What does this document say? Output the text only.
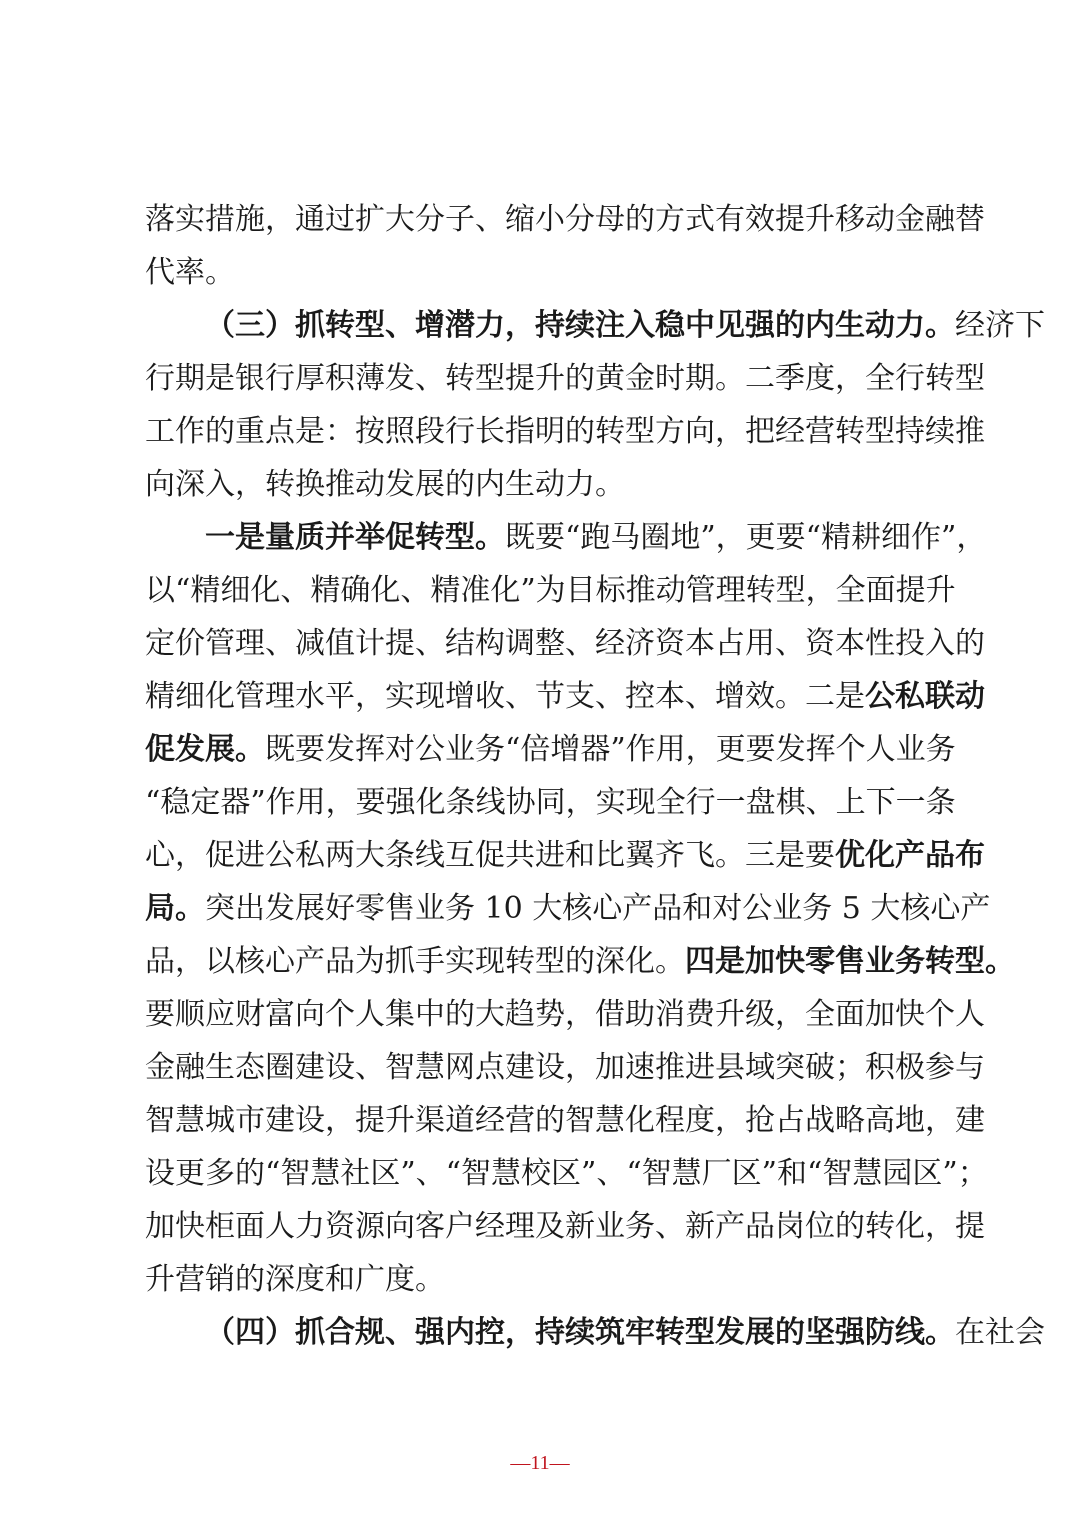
落实措施，通过扩大分子、缩小分母的方式有效提升移动金融替
代率。
（三）抓转型、增潜力，持续注入稳中见强的内生动力。经济下
行期是银行厚积薄发、转型提升的黄金时期。二季度，全行转型
工作的重点是：按照段行长指明的转型方向，把经营转型持续推
向深入，转换推动发展的内生动力。
一是量质并举促转型。既要“跑马圈地”，更要“精耕细作”，
以“精细化、精确化、精准化”为目标推动管理转型，全面提升
定价管理、减值计提、结构调整、经济资本占用、资本性投入的
精细化管理水平，实现增收、节支、控本、增效。二是公私联动
促发展。既要发挥对公业务“倍增器”作用，更要发挥个人业务
“稳定器”作用，要强化条线协同，实现全行一盘棋、上下一条
心，促进公私两大条线互促共进和比翼齐飞。三是要优化产品布
局。突出发展好零售业务 10 大核心产品和对公业务 5 大核心产
品，以核心产品为抓手实现转型的深化。四是加快零售业务转型。
要顺应财富向个人集中的大趋势，借助消费升级，全面加快个人
金融生态圈建设、智慧网点建设，加速推进县域突破；积极参与
智慧城市建设，提升渠道经营的智慧化程度，抢占战略高地，建
设更多的“智慧社区”、“智慧校区”、“智慧厂区”和“智慧园区”；
加快柜面人力资源向客户经理及新业务、新产品岗位的转化，提
升营销的深度和广度。
（四）抓合规、强内控，持续筑牢转型发展的坚强防线。在社会
—11—
